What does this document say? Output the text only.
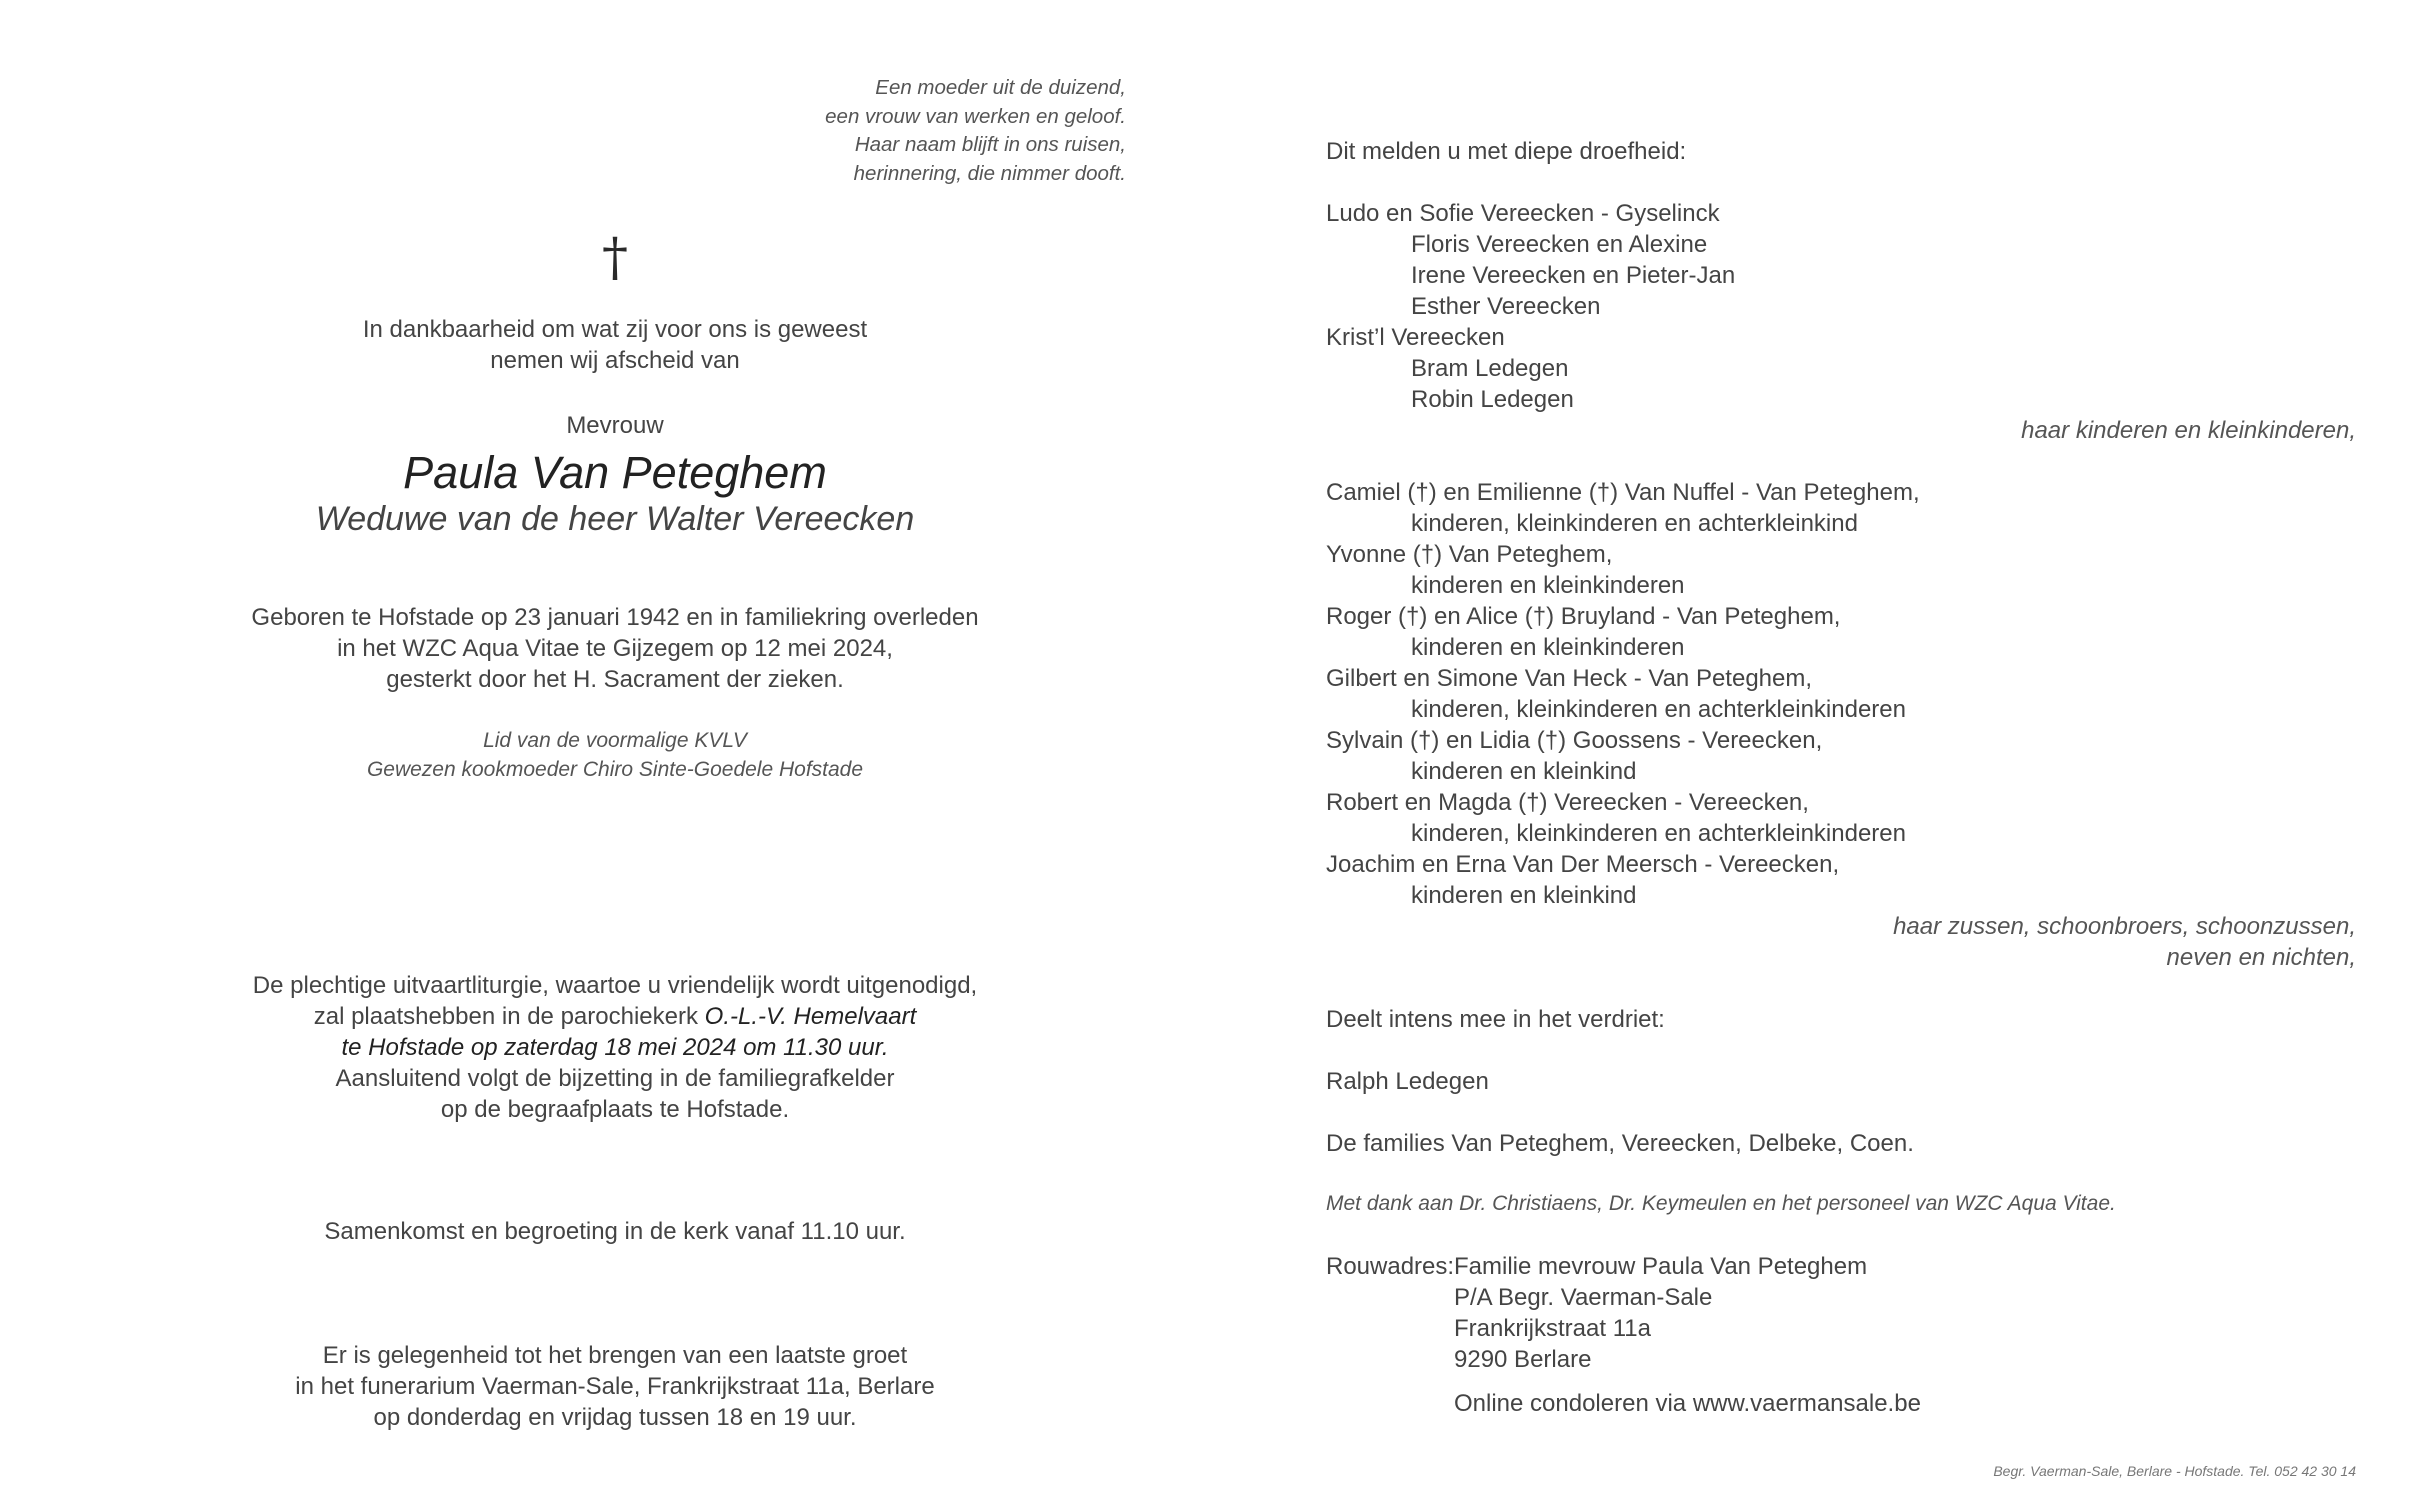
Een moeder uit de duizend,
een vrouw van werken en geloof.
Haar naam blijft in ons ruisen,
herinnering, die nimmer dooft.
†
In dankbaarheid om wat zij voor ons is geweest
nemen wij afscheid van
Mevrouw
Paula Van Peteghem
Weduwe van de heer Walter Vereecken
Geboren te Hofstade op 23 januari 1942 en in familiekring overleden
in het WZC Aqua Vitae te Gijzegem op 12 mei 2024,
gesterkt door het H. Sacrament der zieken.
Lid van de voormalige KVLV
Gewezen kookmoeder Chiro Sinte-Goedele Hofstade
De plechtige uitvaartliturgie, waartoe u vriendelijk wordt uitgenodigd,
zal plaatshebben in de parochiekerk O.-L.-V. Hemelvaart
te Hofstade op zaterdag 18 mei 2024 om 11.30 uur.
Aansluitend volgt de bijzetting in de familiegrafkelder
op de begraafplaats te Hofstade.
Samenkomst en begroeting in de kerk vanaf 11.10 uur.
Er is gelegenheid tot het brengen van een laatste groet
in het funerarium Vaerman-Sale, Frankrijkstraat 11a, Berlare
op donderdag en vrijdag tussen 18 en 19 uur.
Dit melden u met diepe droefheid:
Ludo en Sofie Vereecken - Gyselinck
Floris Vereecken en Alexine
Irene Vereecken en Pieter-Jan
Esther Vereecken
Krist’l Vereecken
Bram Ledegen
Robin Ledegen
haar kinderen en kleinkinderen,
Camiel (†) en Emilienne (†) Van Nuffel - Van Peteghem,
kinderen, kleinkinderen en achterkleinkind
Yvonne (†) Van Peteghem,
kinderen en kleinkinderen
Roger (†) en Alice (†) Bruyland - Van Peteghem,
kinderen en kleinkinderen
Gilbert en Simone Van Heck - Van Peteghem,
kinderen, kleinkinderen en achterkleinkinderen
Sylvain (†) en Lidia (†) Goossens - Vereecken,
kinderen en kleinkind
Robert en Magda (†) Vereecken - Vereecken,
kinderen, kleinkinderen en achterkleinkinderen
Joachim en Erna Van Der Meersch - Vereecken,
kinderen en kleinkind
haar zussen, schoonbroers, schoonzussen,
neven en nichten,
Deelt intens mee in het verdriet:
Ralph Ledegen
De families Van Peteghem, Vereecken, Delbeke, Coen.
Met dank aan Dr. Christiaens, Dr. Keymeulen en het personeel van WZC Aqua Vitae.
Rouwadres: Familie mevrouw Paula Van Peteghem
P/A Begr. Vaerman-Sale
Frankrijkstraat 11a
9290 Berlare
Online condoleren via www.vaermansale.be
Begr. Vaerman-Sale, Berlare - Hofstade. Tel. 052 42 30 14
